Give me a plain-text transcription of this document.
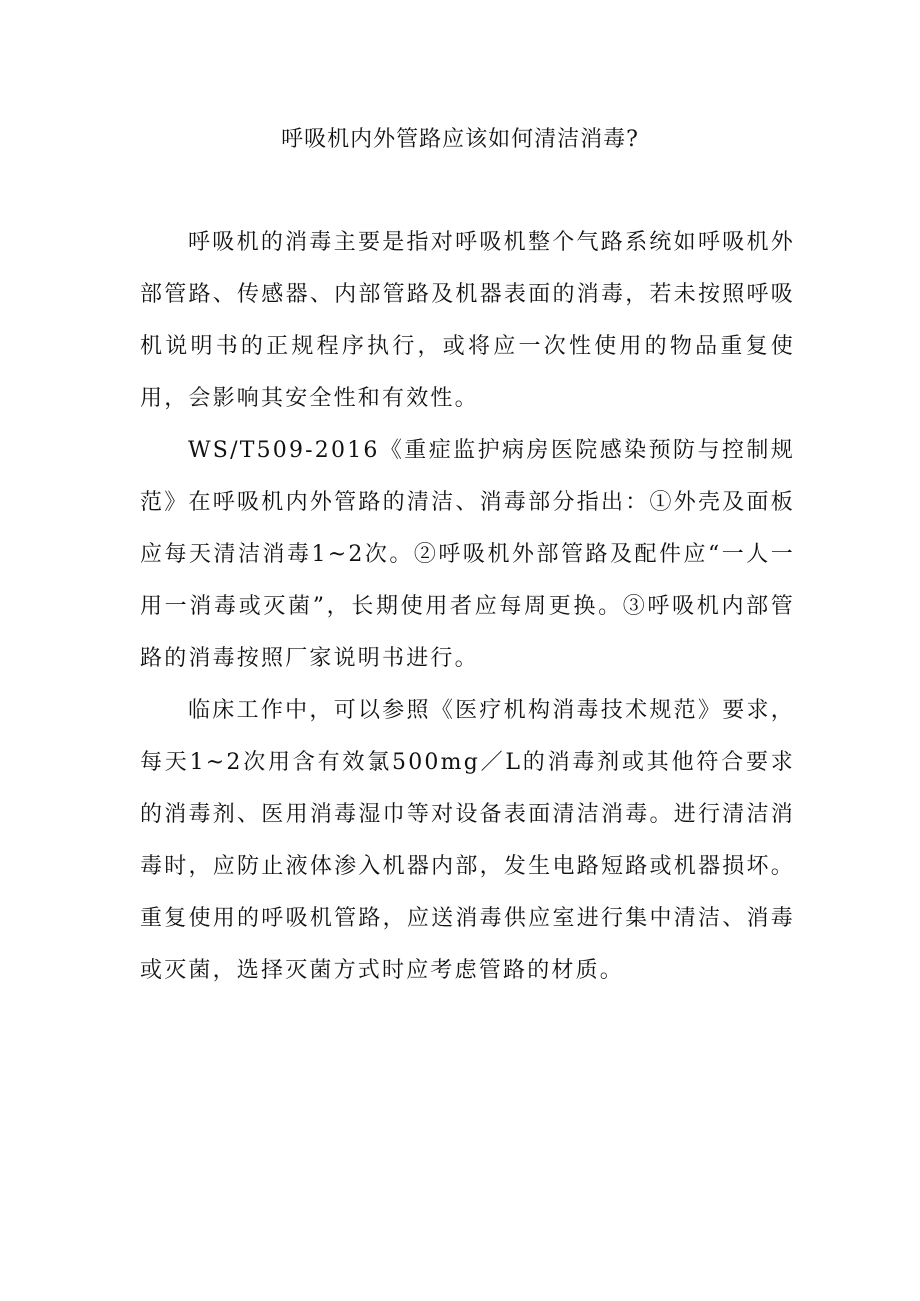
呼吸机内外管路应该如何清洁消毒?

呼吸机的消毒主要是指对呼吸机整个气路系统如呼吸机外部管路、传感器、内部管路及机器表面的消毒，若未按照呼吸机说明书的正规程序执行，或将应一次性使用的物品重复使用，会影响其安全性和有效性。

WS/T509-2016《重症监护病房医院感染预防与控制规范》在呼吸机内外管路的清洁、消毒部分指出：①外壳及面板应每天清洁消毒1~2次。②呼吸机外部管路及配件应“一人一用一消毒或灭菌”，长期使用者应每周更换。③呼吸机内部管路的消毒按照厂家说明书进行。

临床工作中，可以参照《医疗机构消毒技术规范》要求，每天1~2次用含有效氯500mg／L的消毒剂或其他符合要求的消毒剂、医用消毒湿巾等对设备表面清洁消毒。进行清洁消毒时，应防止液体渗入机器内部，发生电路短路或机器损坏。重复使用的呼吸机管路，应送消毒供应室进行集中清洁、消毒或灭菌，选择灭菌方式时应考虑管路的材质。
